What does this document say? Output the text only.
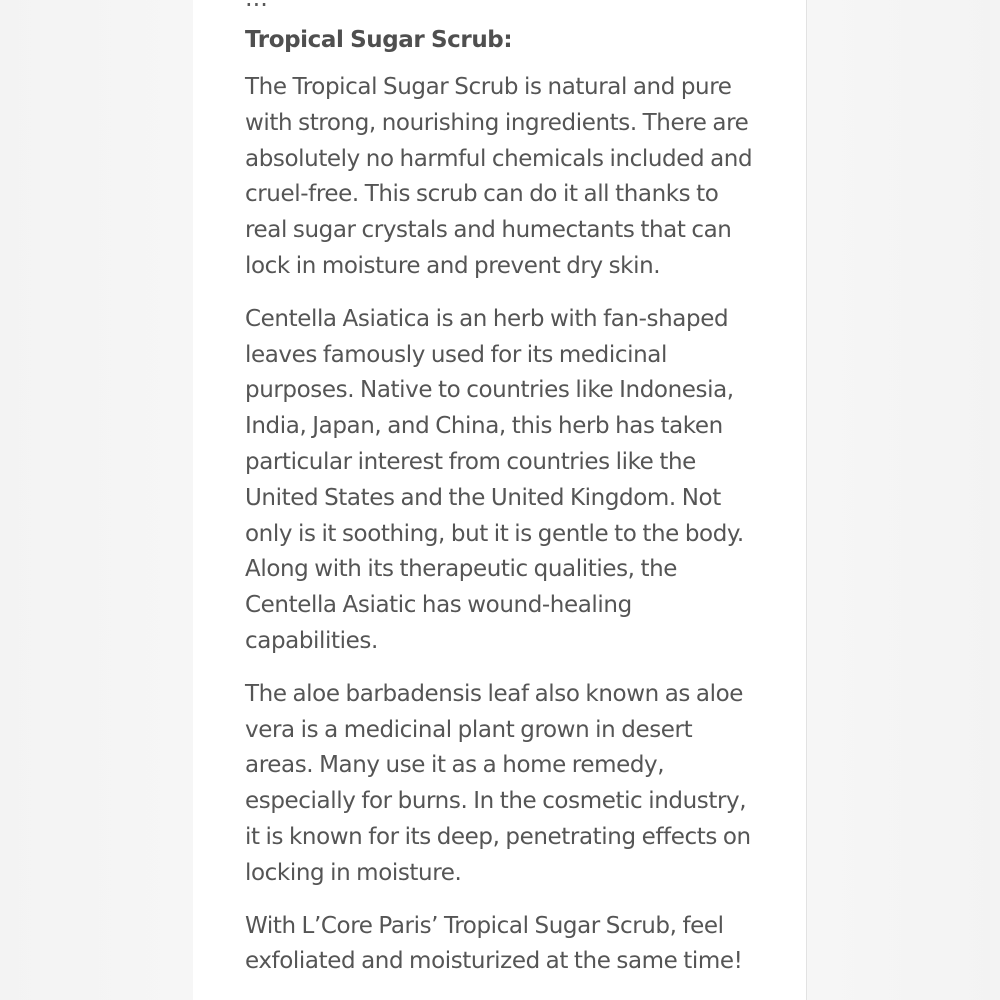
Tropical Sugar Scrub:

The Tropical Sugar Scrub is natural and pure with strong, nourishing ingredients. There are absolutely no harmful chemicals included and cruel-free. This scrub can do it all thanks to real sugar crystals and humectants that can lock in moisture and prevent dry skin.

Centella Asiatica is an herb with fan-shaped leaves famously used for its medicinal purposes. Native to countries like Indonesia, India, Japan, and China, this herb has taken particular interest from countries like the United States and the United Kingdom. Not only is it soothing, but it is gentle to the body. Along with its therapeutic qualities, the Centella Asiatic has wound-healing capabilities.

The aloe barbadensis leaf also known as aloe vera is a medicinal plant grown in desert areas. Many use it as a home remedy, especially for burns. In the cosmetic industry, it is known for its deep, penetrating effects on locking in moisture.

With L’Core Paris’ Tropical Sugar Scrub, feel exfoliated and moisturized at the same time!
